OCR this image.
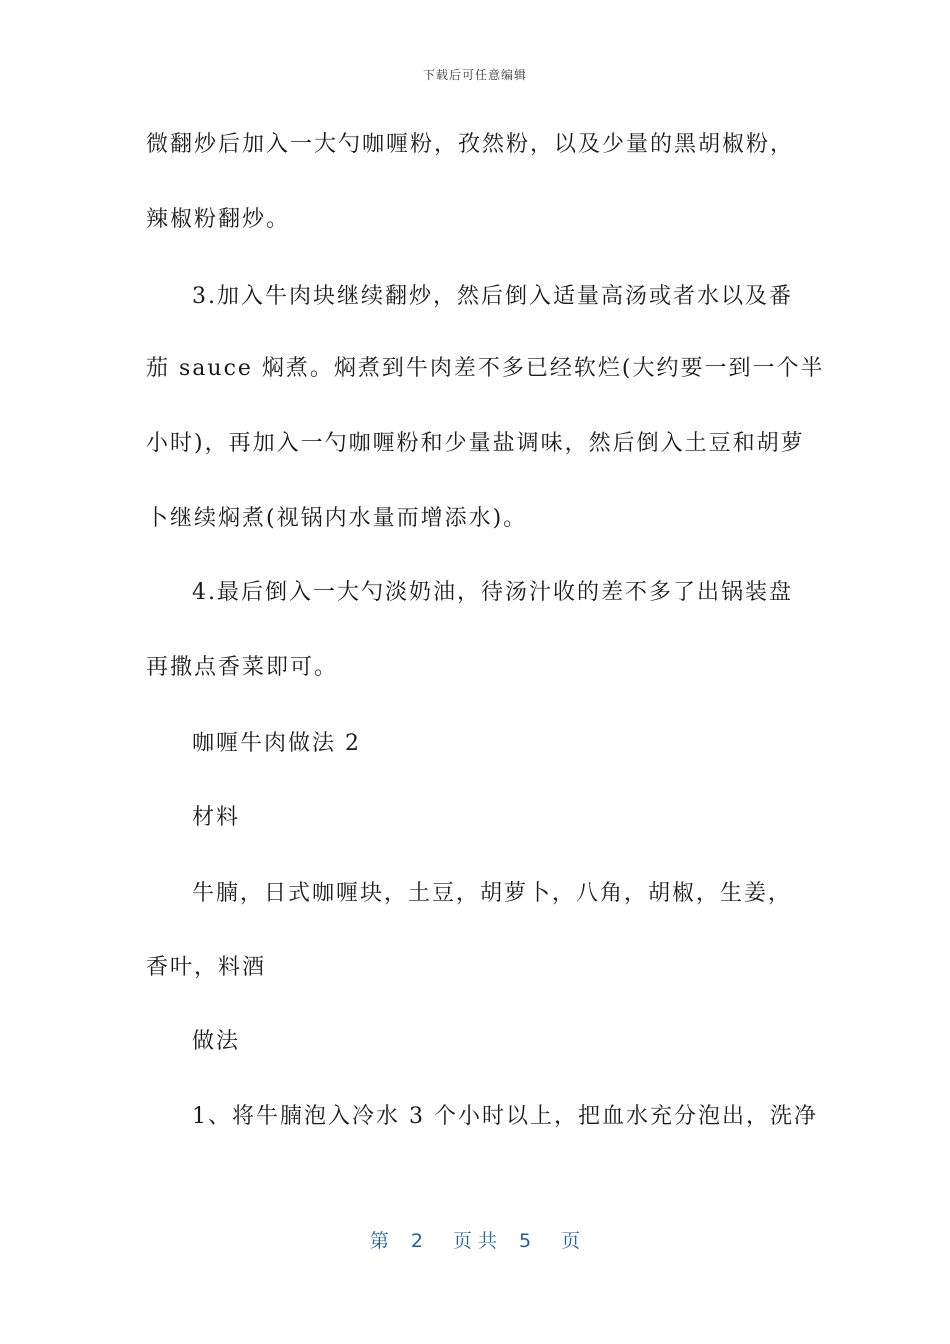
下载后可任意编辑
微翻炒后加入一大勺咖喱粉，孜然粉，以及少量的黑胡椒粉，
辣椒粉翻炒。
3.加入牛肉块继续翻炒，然后倒入适量高汤或者水以及番
茄 sauce 焖煮。焖煮到牛肉差不多已经软烂(大约要一到一个半
小时)，再加入一勺咖喱粉和少量盐调味，然后倒入土豆和胡萝
卜继续焖煮(视锅内水量而增添水)。
4.最后倒入一大勺淡奶油，待汤汁收的差不多了出锅装盘
再撒点香菜即可。
咖喱牛肉做法 2
材料
牛腩，日式咖喱块，土豆，胡萝卜，八角，胡椒，生姜，
香叶，料酒
做法
1、将牛腩泡入冷水 3 个小时以上，把血水充分泡出，洗净
第 2 页 共 5 页
